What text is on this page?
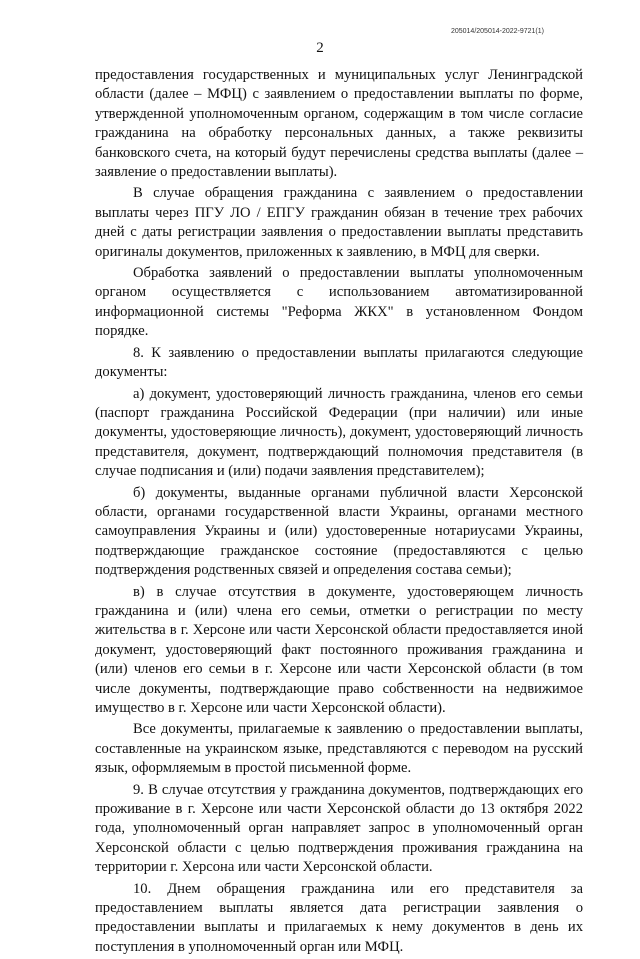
205014/205014-2022-9721(1)
2

предоставления государственных и муниципальных услуг Ленинградской области (далее – МФЦ) с заявлением о предоставлении выплаты по форме, утвержденной уполномоченным органом, содержащим в том числе согласие гражданина на обработку персональных данных, а также реквизиты банковского счета, на который будут перечислены средства выплаты (далее – заявление о предоставлении выплаты).

В случае обращения гражданина с заявлением о предоставлении выплаты через ПГУ ЛО / ЕПГУ гражданин обязан в течение трех рабочих дней с даты регистрации заявления о предоставлении выплаты представить оригиналы документов, приложенных к заявлению, в МФЦ для сверки.

Обработка заявлений о предоставлении выплаты уполномоченным органом осуществляется с использованием автоматизированной информационной системы "Реформа ЖКХ" в установленном Фондом порядке.

8. К заявлению о предоставлении выплаты прилагаются следующие документы:

а) документ, удостоверяющий личность гражданина, членов его семьи (паспорт гражданина Российской Федерации (при наличии) или иные документы, удостоверяющие личность), документ, удостоверяющий личность представителя, документ, подтверждающий полномочия представителя (в случае подписания и (или) подачи заявления представителем);

б) документы, выданные органами публичной власти Херсонской области, органами государственной власти Украины, органами местного самоуправления Украины и (или) удостоверенные нотариусами Украины, подтверждающие гражданское состояние (предоставляются с целью подтверждения родственных связей и определения состава семьи);

в) в случае отсутствия в документе, удостоверяющем личность гражданина и (или) члена его семьи, отметки о регистрации по месту жительства в г. Херсоне или части Херсонской области предоставляется иной документ, удостоверяющий факт постоянного проживания гражданина и (или) членов его семьи в г. Херсоне или части Херсонской области (в том числе документы, подтверждающие право собственности на недвижимое имущество в г. Херсоне или части Херсонской области).

Все документы, прилагаемые к заявлению о предоставлении выплаты, составленные на украинском языке, представляются с переводом на русский язык, оформляемым в простой письменной форме.

9. В случае отсутствия у гражданина документов, подтверждающих его проживание в г. Херсоне или части Херсонской области до 13 октября 2022 года, уполномоченный орган направляет запрос в уполномоченный орган Херсонской области с целью подтверждения проживания гражданина на территории г. Херсона или части Херсонской области.

10. Днем обращения гражданина или его представителя за предоставлением выплаты является дата регистрации заявления о предоставлении выплаты и прилагаемых к нему документов в день их поступления в уполномоченный орган или МФЦ.
